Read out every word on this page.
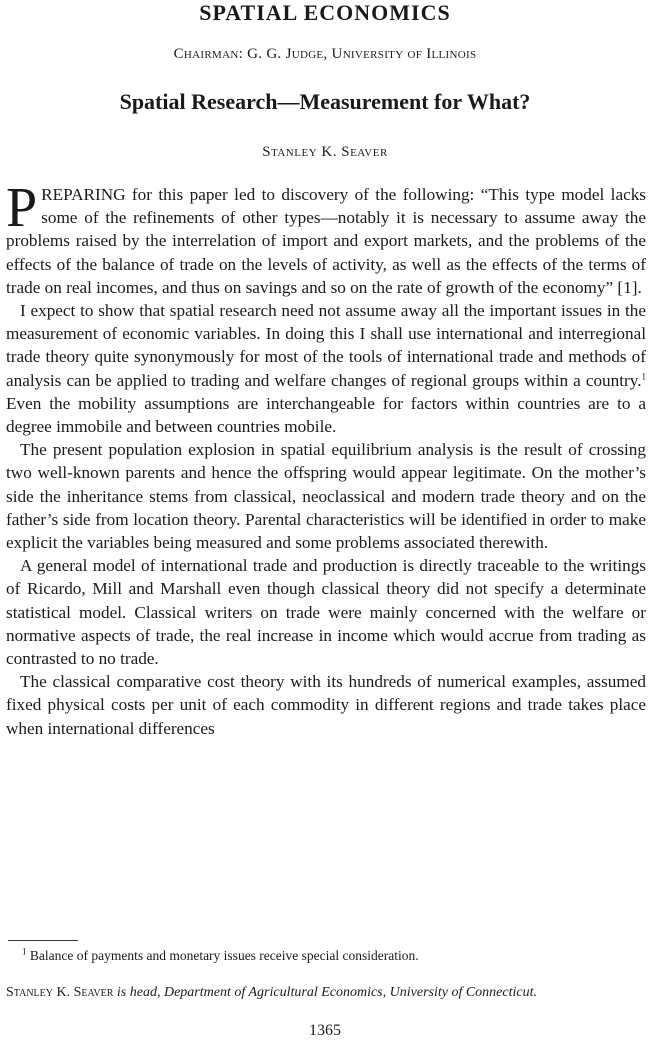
SPATIAL ECONOMICS
Chairman: G. G. Judge, University of Illinois
Spatial Research—Measurement for What?
Stanley K. Seaver

PREPARING for this paper led to discovery of the following: “This type model lacks some of the refinements of other types—notably it is necessary to assume away the problems raised by the interrelation of import and export markets, and the problems of the effects of the balance of trade on the levels of activity, as well as the effects of the terms of trade on real incomes, and thus on savings and so on the rate of growth of the economy” [1].

I expect to show that spatial research need not assume away all the important issues in the measurement of economic variables. In doing this I shall use international and interregional trade theory quite synonymously for most of the tools of international trade and methods of analysis can be applied to trading and welfare changes of regional groups within a country.$^1$ Even the mobility assumptions are interchangeable for factors within countries are to a degree immobile and between countries mobile.

The present population explosion in spatial equilibrium analysis is the result of crossing two well-known parents and hence the offspring would appear legitimate. On the mother’s side the inheritance stems from classical, neoclassical and modern trade theory and on the father’s side from location theory. Parental characteristics will be identified in order to make explicit the variables being measured and some problems associated therewith.

A general model of international trade and production is directly traceable to the writings of Ricardo, Mill and Marshall even though classical theory did not specify a determinate statistical model. Classical writers on trade were mainly concerned with the welfare or normative aspects of trade, the real increase in income which would accrue from trading as contrasted to no trade.

The classical comparative cost theory with its hundreds of numerical examples, assumed fixed physical costs per unit of each commodity in different regions and trade takes place when international differences

$^1$ Balance of payments and monetary issues receive special consideration.
Stanley K. Seaver is head, Department of Agricultural Economics, University of Connecticut.
1365
